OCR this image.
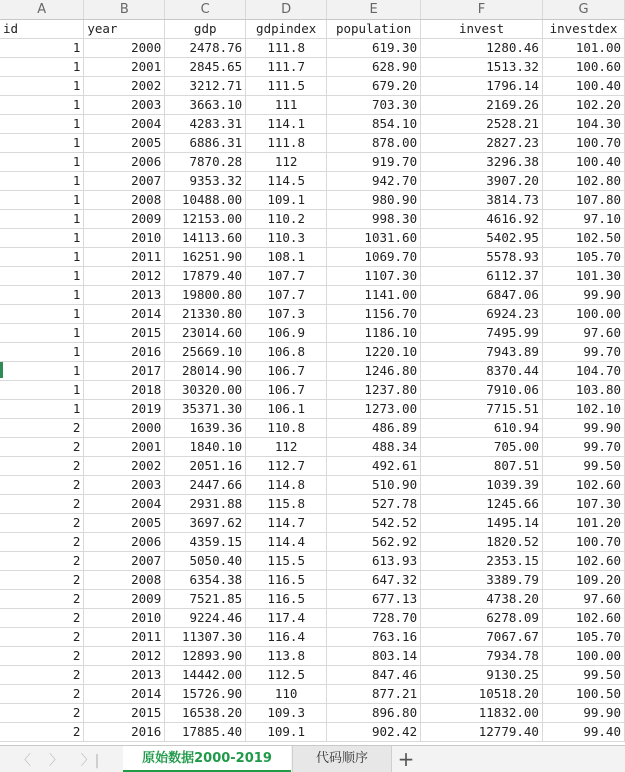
A	B	C	D	E	F	G
id	year	gdp	gdpindex	population	invest	investdex
1	2000	2478.76	111.8	619.30	1280.46	101.00
1	2001	2845.65	111.7	628.90	1513.32	100.60
1	2002	3212.71	111.5	679.20	1796.14	100.40
1	2003	3663.10	111	703.30	2169.26	102.20
1	2004	4283.31	114.1	854.10	2528.21	104.30
1	2005	6886.31	111.8	878.00	2827.23	100.70
1	2006	7870.28	112	919.70	3296.38	100.40
1	2007	9353.32	114.5	942.70	3907.20	102.80
1	2008	10488.00	109.1	980.90	3814.73	107.80
1	2009	12153.00	110.2	998.30	4616.92	97.10
1	2010	14113.60	110.3	1031.60	5402.95	102.50
1	2011	16251.90	108.1	1069.70	5578.93	105.70
1	2012	17879.40	107.7	1107.30	6112.37	101.30
1	2013	19800.80	107.7	1141.00	6847.06	99.90
1	2014	21330.80	107.3	1156.70	6924.23	100.00
1	2015	23014.60	106.9	1186.10	7495.99	97.60
1	2016	25669.10	106.8	1220.10	7943.89	99.70
1	2017	28014.90	106.7	1246.80	8370.44	104.70
1	2018	30320.00	106.7	1237.80	7910.06	103.80
1	2019	35371.30	106.1	1273.00	7715.51	102.10
2	2000	1639.36	110.8	486.89	610.94	99.90
2	2001	1840.10	112	488.34	705.00	99.70
2	2002	2051.16	112.7	492.61	807.51	99.50
2	2003	2447.66	114.8	510.90	1039.39	102.60
2	2004	2931.88	115.8	527.78	1245.66	107.30
2	2005	3697.62	114.7	542.52	1495.14	101.20
2	2006	4359.15	114.4	562.92	1820.52	100.70
2	2007	5050.40	115.5	613.93	2353.15	102.60
2	2008	6354.38	116.5	647.32	3389.79	109.20
2	2009	7521.85	116.5	677.13	4738.20	97.60
2	2010	9224.46	117.4	728.70	6278.09	102.60
2	2011	11307.30	116.4	763.16	7067.67	105.70
2	2012	12893.90	113.8	803.14	7934.78	100.00
2	2013	14442.00	112.5	847.46	9130.25	99.50
2	2014	15726.90	110	877.21	10518.20	100.50
2	2015	16538.20	109.3	896.80	11832.00	99.90
2	2016	17885.40	109.1	902.42	12779.40	99.40
〈 〉 〉|	原始数据2000-2019	代码顺序	+
